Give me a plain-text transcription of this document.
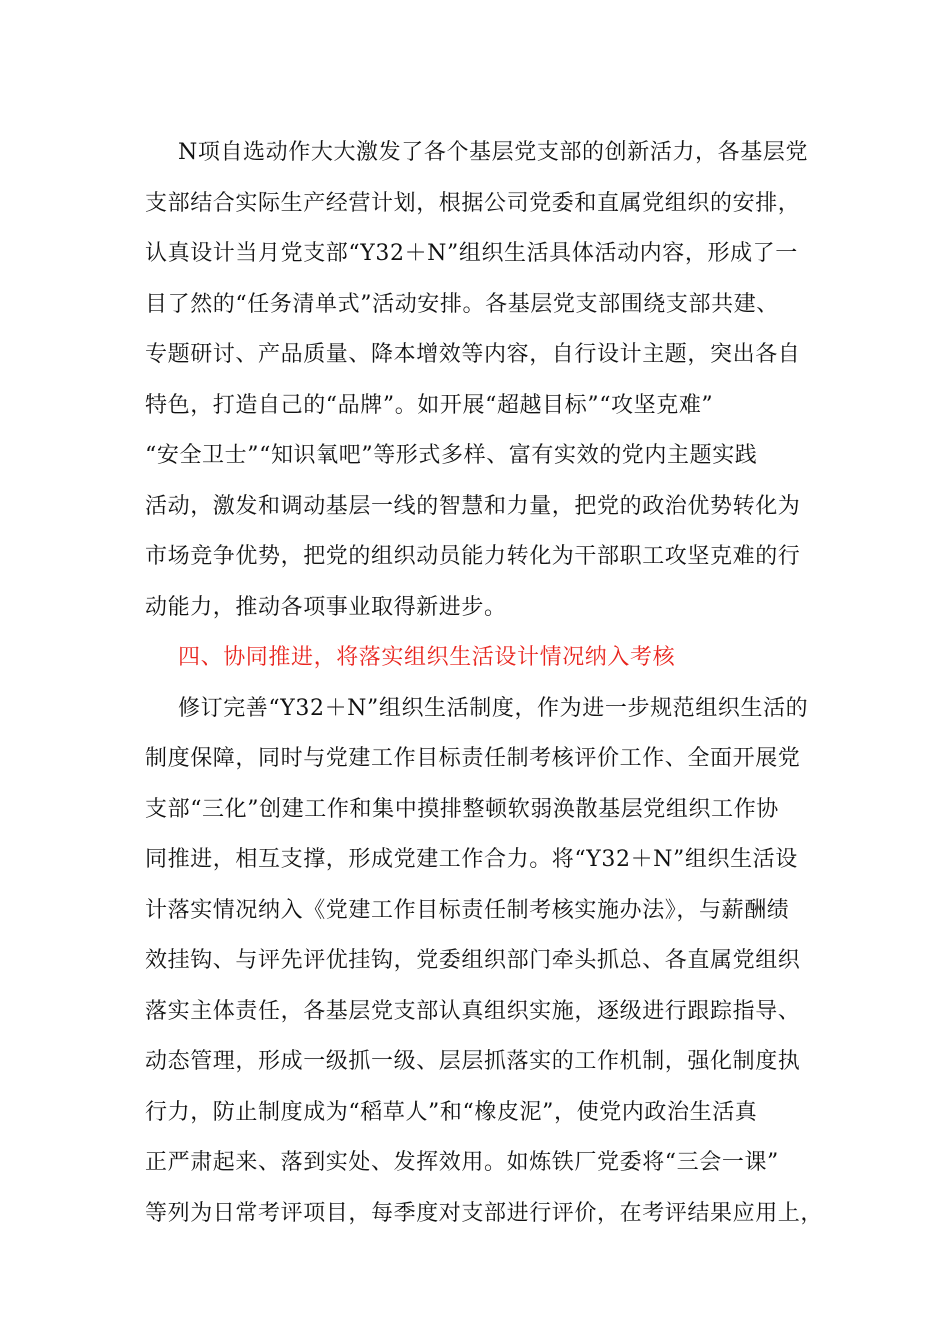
N项自选动作大大激发了各个基层党支部的创新活力，各基层党
支部结合实际生产经营计划，根据公司党委和直属党组织的安排，
认真设计当月党支部“Y32＋N”组织生活具体活动内容，形成了一
目了然的“任务清单式”活动安排。各基层党支部围绕支部共建、
专题研讨、产品质量、降本增效等内容，自行设计主题，突出各自
特色，打造自己的“品牌”。如开展“超越目标”“攻坚克难”
“安全卫士”“知识氧吧”等形式多样、富有实效的党内主题实践
活动，激发和调动基层一线的智慧和力量，把党的政治优势转化为
市场竞争优势，把党的组织动员能力转化为干部职工攻坚克难的行
动能力，推动各项事业取得新进步。
四、协同推进，将落实组织生活设计情况纳入考核
修订完善“Y32＋N”组织生活制度，作为进一步规范组织生活的
制度保障，同时与党建工作目标责任制考核评价工作、全面开展党
支部“三化”创建工作和集中摸排整顿软弱涣散基层党组织工作协
同推进，相互支撑，形成党建工作合力。将“Y32＋N”组织生活设
计落实情况纳入《党建工作目标责任制考核实施办法》，与薪酬绩
效挂钩、与评先评优挂钩，党委组织部门牵头抓总、各直属党组织
落实主体责任，各基层党支部认真组织实施，逐级进行跟踪指导、
动态管理，形成一级抓一级、层层抓落实的工作机制，强化制度执
行力，防止制度成为“稻草人”和“橡皮泥”，使党内政治生活真
正严肃起来、落到实处、发挥效用。如炼铁厂党委将“三会一课”
等列为日常考评项目，每季度对支部进行评价，在考评结果应用上，
